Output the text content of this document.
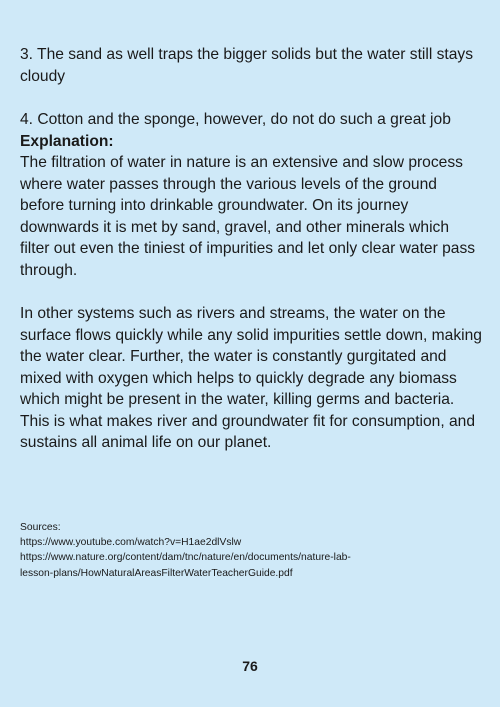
3. The sand as well traps the bigger solids but the water still stays cloudy

4. Cotton and the sponge, however, do not do such a great job

Explanation:

The filtration of water in nature is an extensive and slow process where water passes through the various levels of the ground before turning into drinkable groundwater. On its journey downwards it is met by sand, gravel, and other minerals which filter out even the tiniest of impurities and let only clear water pass through.

In other systems such as rivers and streams, the water on the surface flows quickly while any solid impurities settle down, making the water clear. Further, the water is constantly gurgitated and mixed with oxygen which helps to quickly degrade any biomass which might be present in the water, killing germs and bacteria. This is what makes river and groundwater fit for consumption, and sustains all animal life on our planet.

Sources:
https://www.youtube.com/watch?v=H1ae2dlVslw
https://www.nature.org/content/dam/tnc/nature/en/documents/nature-lab-
lesson-plans/HowNaturalAreasFilterWaterTeacherGuide.pdf
76
